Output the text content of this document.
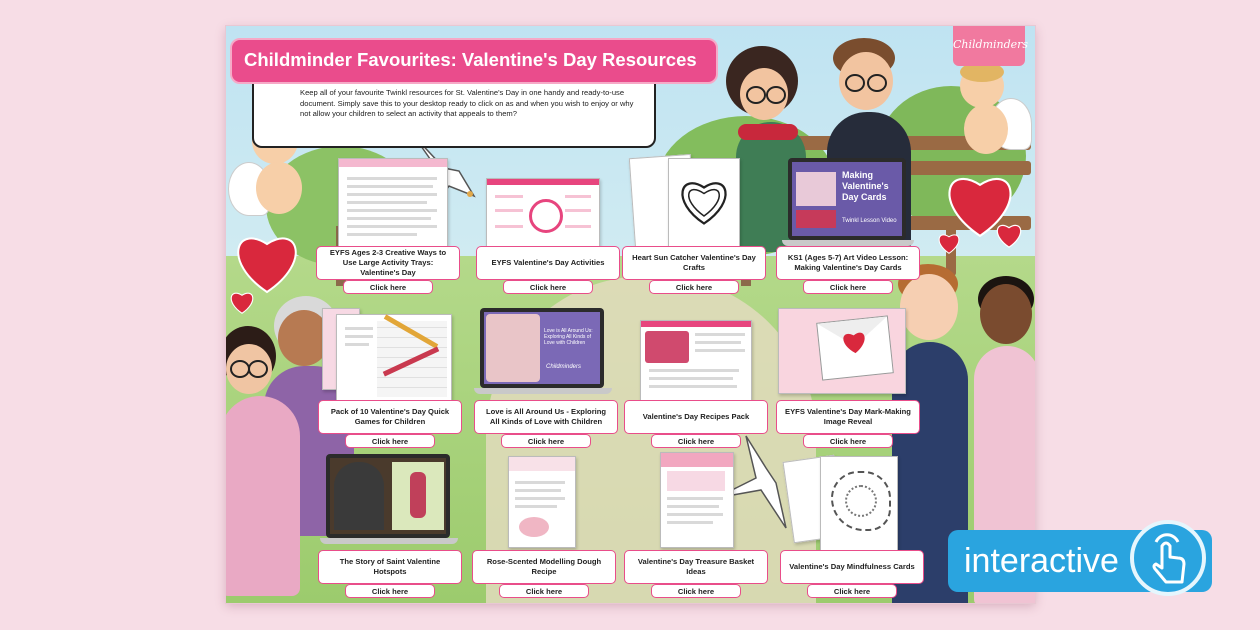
Keep all of your favourite Twinkl resources for St. Valentine's Day in one handy and ready-to-use document. Simply save this to your desktop ready to click on as and when you wish to enjoy or why not allow your children to select an activity that appeals to them?
Childminder Favourites: Valentine's Day Resources
Childminders
EYFS Ages 2-3 Creative Ways to Use Large Activity Trays: Valentine's Day
Click here
EYFS Valentine's Day Activities
Click here
Heart Sun Catcher Valentine's Day Crafts
Click here
Making Valentine's Day Cards
Twinkl Lesson Video
KS1 (Ages 5-7) Art Video Lesson: Making Valentine's Day Cards
Click here
Pack of 10 Valentine's Day Quick Games for Children
Click here
Love is All Around Us: Exploring All Kinds of Love with Children
Childminders
Love is All Around Us - Exploring All Kinds of Love with Children
Click here
Valentine's Day Recipes Pack
Click here
EYFS Valentine's Day Mark-Making Image Reveal
Click here
The Story of Saint Valentine Hotspots
Click here
Rose-Scented Modelling Dough Recipe
Click here
Valentine's Day Treasure Basket Ideas
Click here
Valentine's Day Mindfulness Cards
Click here
interactive
